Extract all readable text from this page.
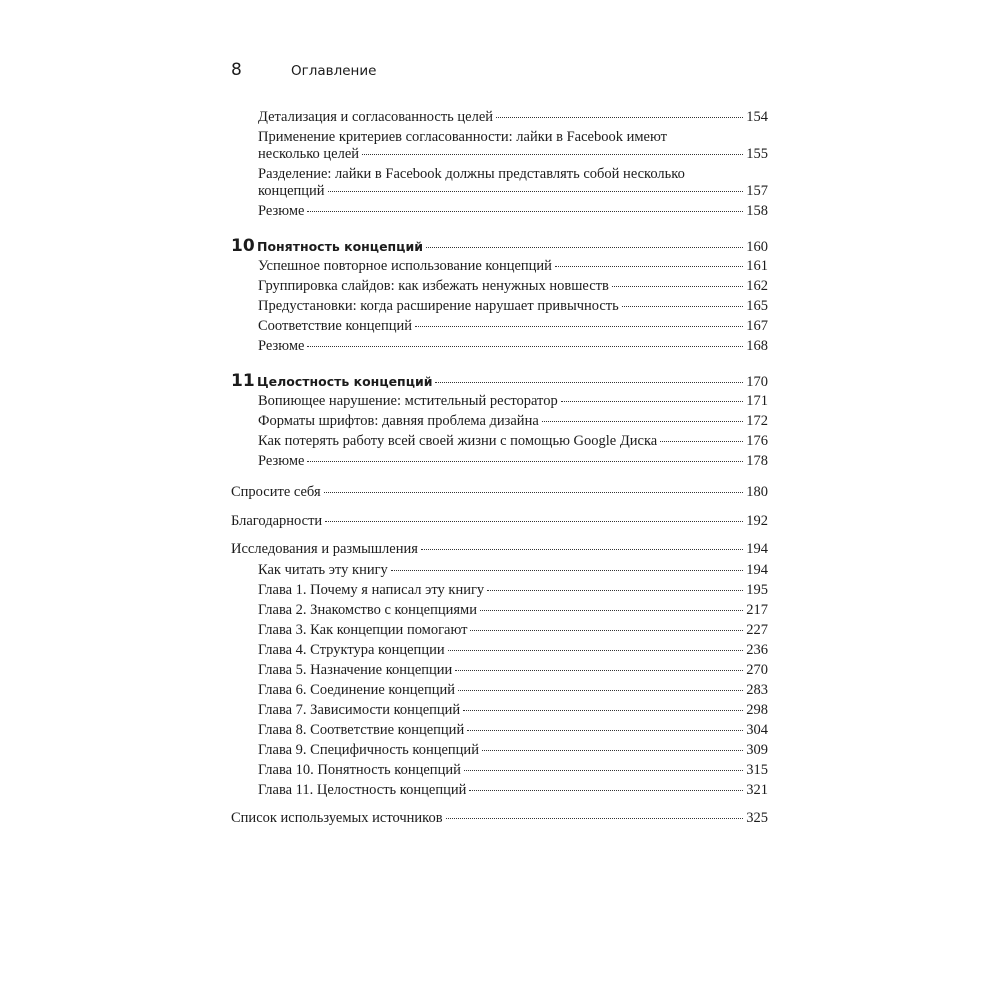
8	Оглавление
Детализация и согласованность целей	154
Применение критериев согласованности: лайки в Facebook имеют
несколько целей	155
Разделение: лайки в Facebook должны представлять собой несколько
концепций	157
Резюме	158
10 Понятность концепций	160
Успешное повторное использование концепций	161
Группировка слайдов: как избежать ненужных новшеств	162
Предустановки: когда расширение нарушает привычность	165
Соответствие концепций	167
Резюме	168
11 Целостность концепций	170
Вопиющее нарушение: мстительный ресторатор	171
Форматы шрифтов: давняя проблема дизайна	172
Как потерять работу всей своей жизни с помощью Google Диска	176
Резюме	178
Спросите себя	180
Благодарности	192
Исследования и размышления	194
Как читать эту книгу	194
Глава 1. Почему я написал эту книгу	195
Глава 2. Знакомство с концепциями	217
Глава 3. Как концепции помогают	227
Глава 4. Структура концепции	236
Глава 5. Назначение концепции	270
Глава 6. Соединение концепций	283
Глава 7. Зависимости концепций	298
Глава 8. Соответствие концепций	304
Глава 9. Специфичность концепций	309
Глава 10. Понятность концепций	315
Глава 11. Целостность концепций	321
Список используемых источников	325
